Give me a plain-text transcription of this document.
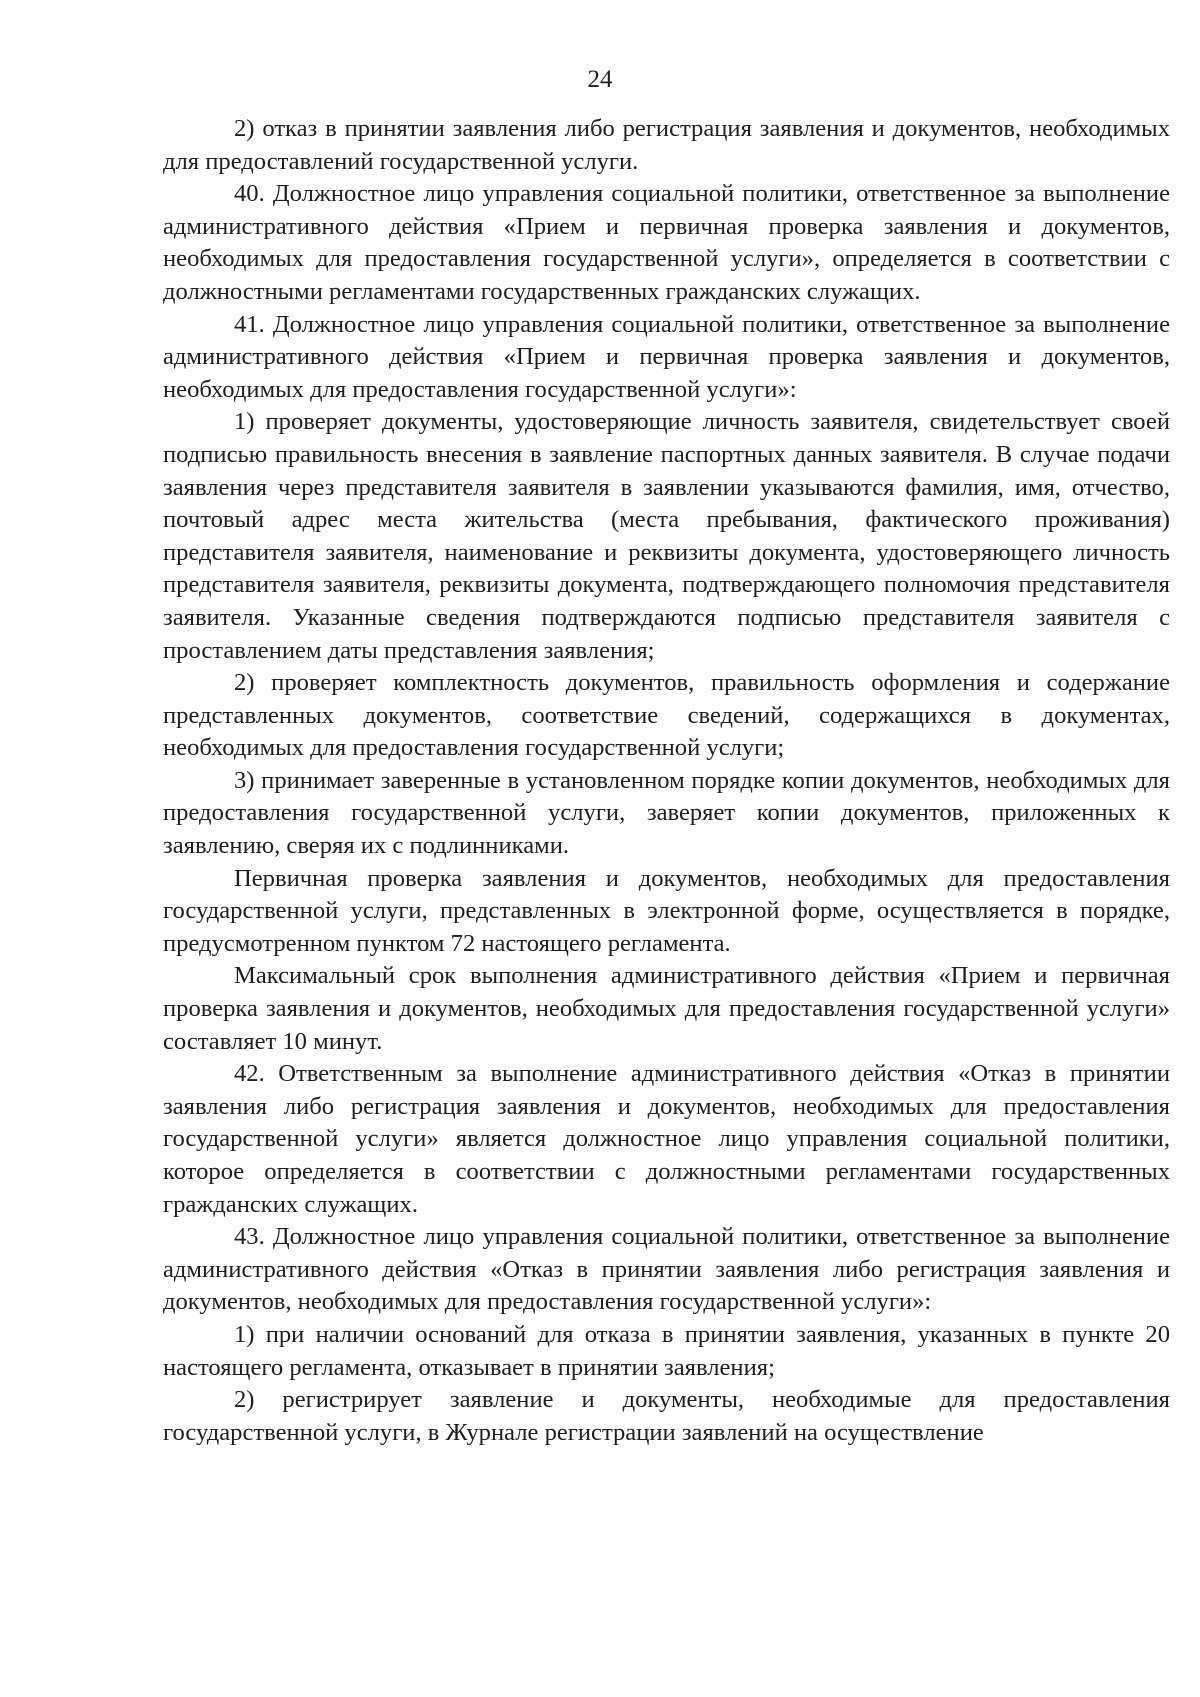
24

2) отказ в принятии заявления либо регистрация заявления и документов, необходимых для предоставлений государственной услуги.

40. Должностное лицо управления социальной политики, ответственное за выполнение административного действия «Прием и первичная проверка заявления и документов, необходимых для предоставления государственной услуги», определяется в соответствии с должностными регламентами государственных гражданских служащих.

41. Должностное лицо управления социальной политики, ответственное за выполнение административного действия «Прием и первичная проверка заявления и документов, необходимых для предоставления государственной услуги»:

1) проверяет документы, удостоверяющие личность заявителя, свидетельствует своей подписью правильность внесения в заявление паспортных данных заявителя. В случае подачи заявления через представителя заявителя в заявлении указываются фамилия, имя, отчество, почтовый адрес места жительства (места пребывания, фактического проживания) представителя заявителя, наименование и реквизиты документа, удостоверяющего личность представителя заявителя, реквизиты документа, подтверждающего полномочия представителя заявителя. Указанные сведения подтверждаются подписью представителя заявителя с проставлением даты представления заявления;

2) проверяет комплектность документов, правильность оформления и содержание представленных документов, соответствие сведений, содержащихся в документах, необходимых для предоставления государственной услуги;

3) принимает заверенные в установленном порядке копии документов, необходимых для предоставления государственной услуги, заверяет копии документов, приложенных к заявлению, сверяя их с подлинниками.

Первичная проверка заявления и документов, необходимых для предоставления государственной услуги, представленных в электронной форме, осуществляется в порядке, предусмотренном пунктом 72 настоящего регламента.

Максимальный срок выполнения административного действия «Прием и первичная проверка заявления и документов, необходимых для предоставления государственной услуги» составляет 10 минут.

42. Ответственным за выполнение административного действия «Отказ в принятии заявления либо регистрация заявления и документов, необходимых для предоставления государственной услуги» является должностное лицо управления социальной политики, которое определяется в соответствии с должностными регламентами государственных гражданских служащих.

43. Должностное лицо управления социальной политики, ответственное за выполнение административного действия «Отказ в принятии заявления либо регистрация заявления и документов, необходимых для предоставления государственной услуги»:

1) при наличии оснований для отказа в принятии заявления, указанных в пункте 20 настоящего регламента, отказывает в принятии заявления;

2) регистрирует заявление и документы, необходимые для предоставления государственной услуги, в Журнале регистрации заявлений на осуществление
